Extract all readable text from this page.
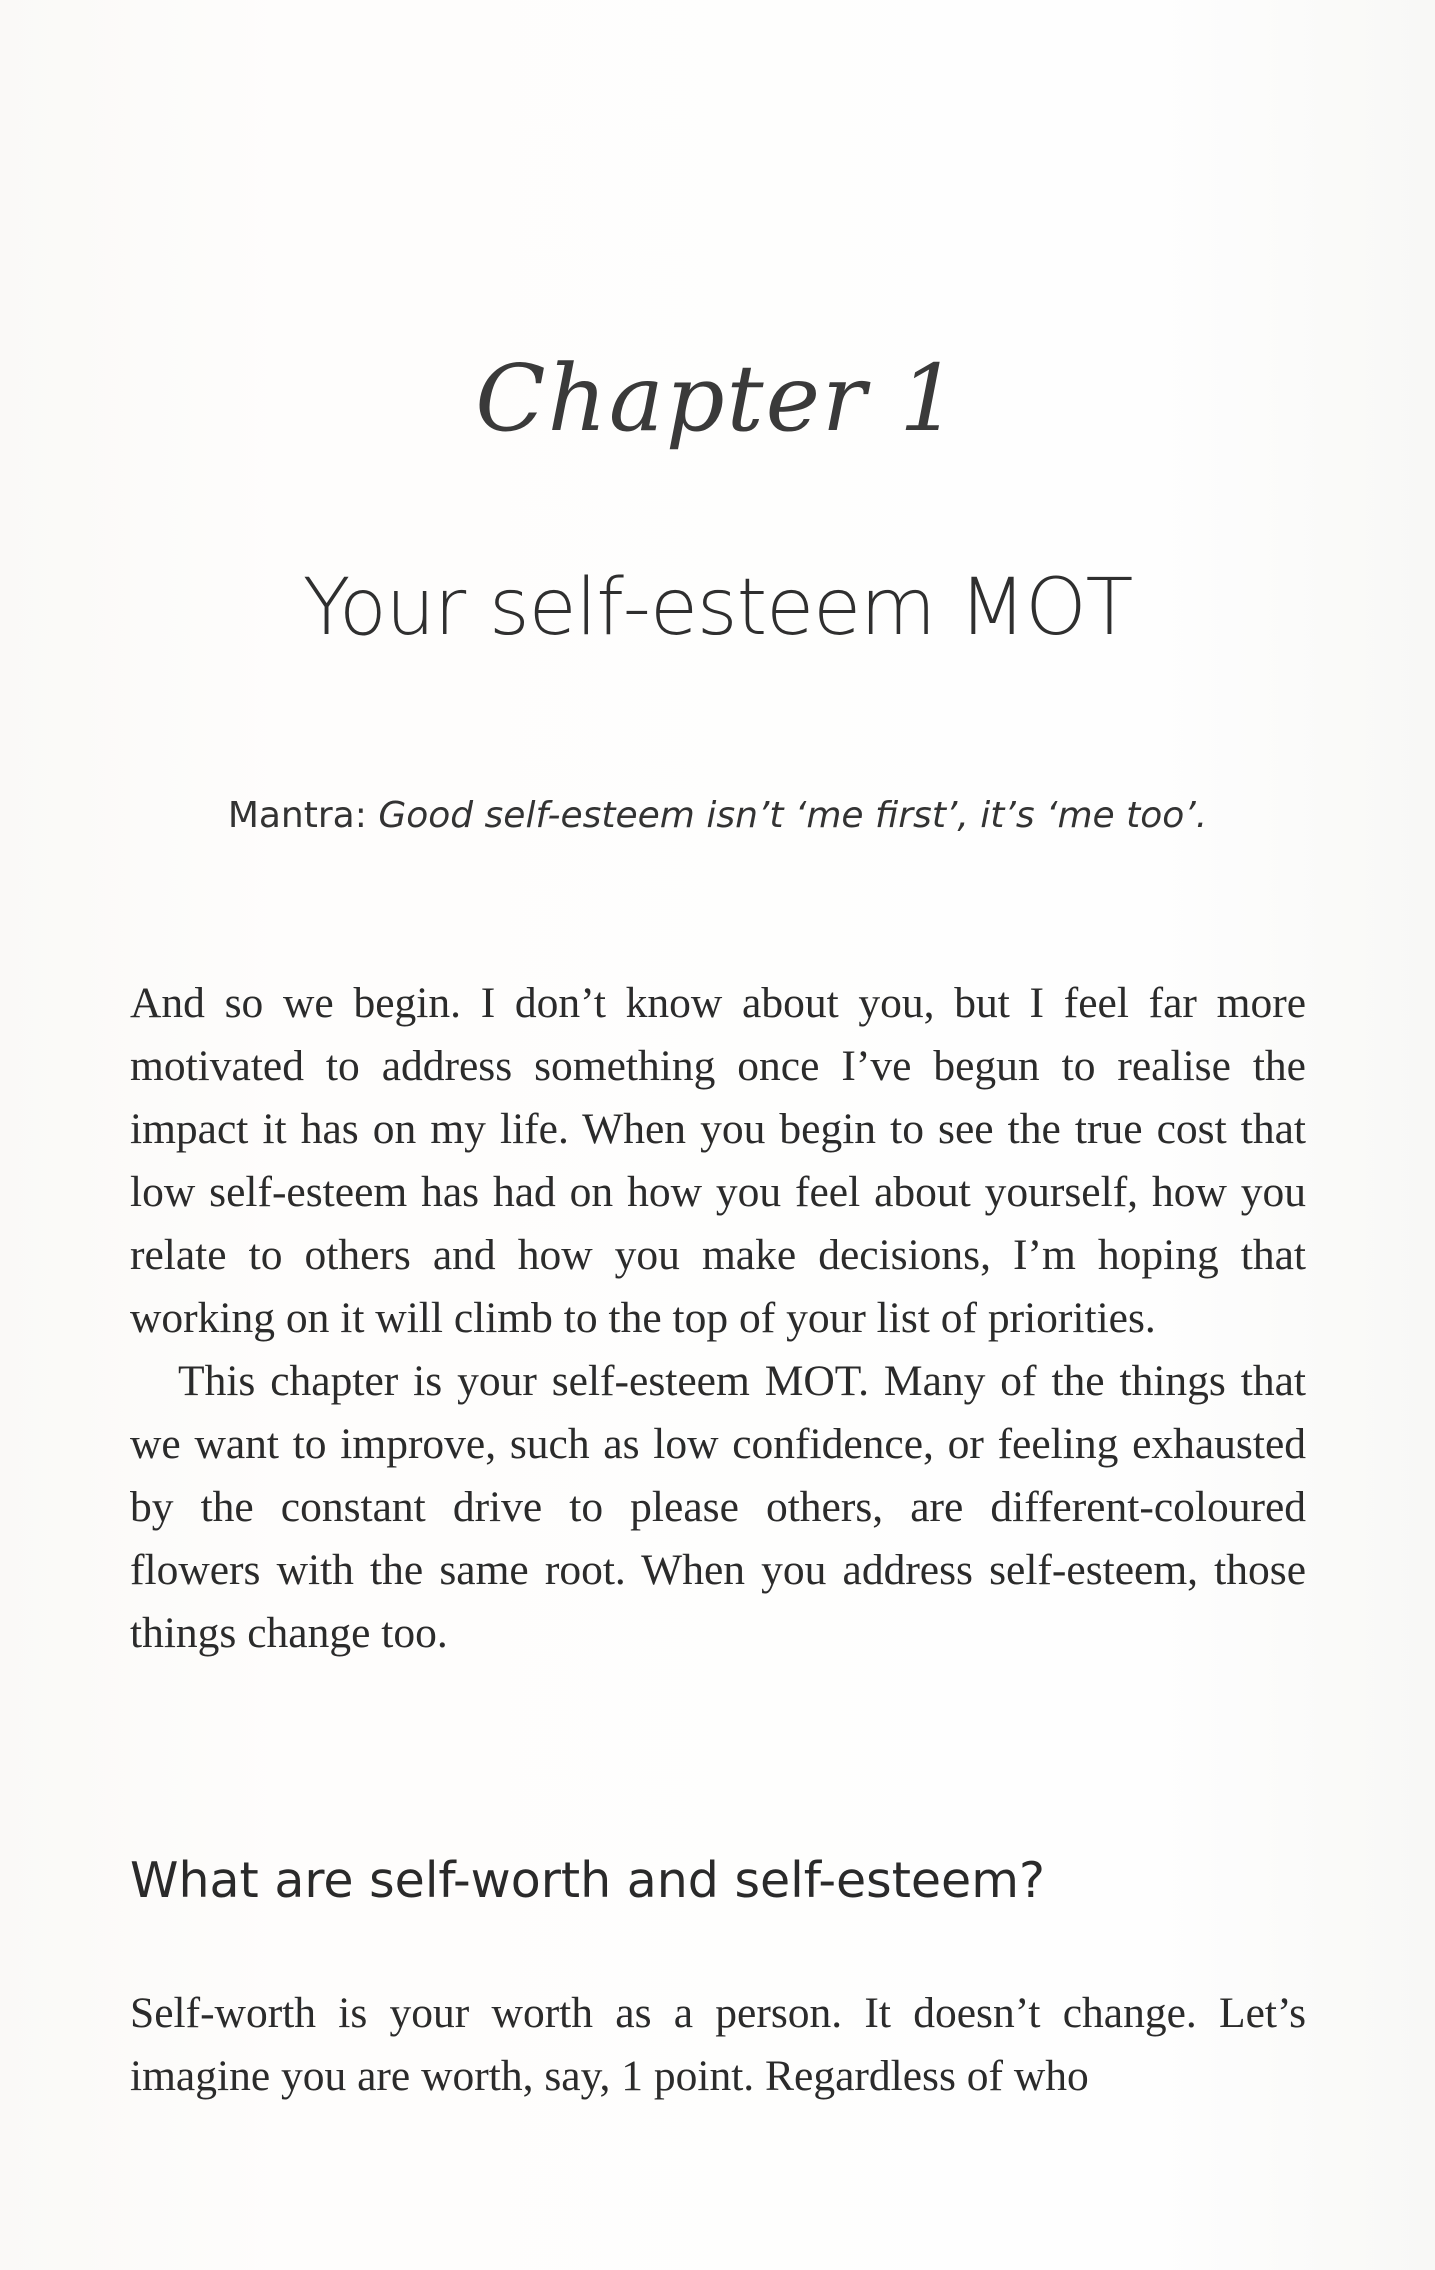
Chapter 1
Your self-esteem MOT
Mantra: Good self-esteem isn’t ‘me first’, it’s ‘me too’.

And so we begin. I don’t know about you, but I feel far more motivated to address something once I’ve begun to realise the impact it has on my life. When you begin to see the true cost that low self-esteem has had on how you feel about yourself, how you relate to others and how you make decisions, I’m hoping that working on it will climb to the top of your list of priorities.

This chapter is your self-esteem MOT. Many of the things that we want to improve, such as low confidence, or feeling exhausted by the constant drive to please others, are different-coloured flowers with the same root. When you address self-esteem, those things change too.

What are self-worth and self-esteem?

Self-worth is your worth as a person. It doesn’t change. Let’s imagine you are worth, say, 1 point. Regardless of who
